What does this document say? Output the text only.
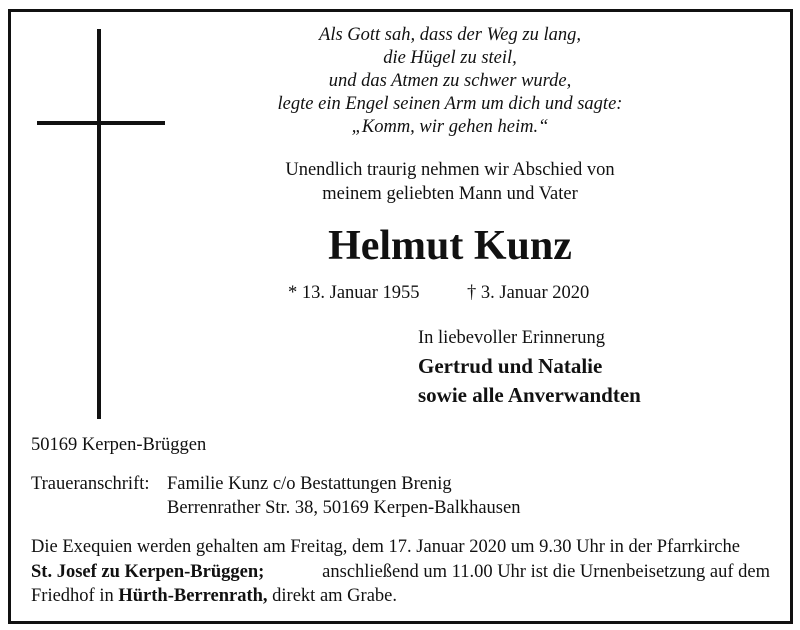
Als Gott sah, dass der Weg zu lang,
die Hügel zu steil,
und das Atmen zu schwer wurde,
legte ein Engel seinen Arm um dich und sagte:
„Komm, wir gehen heim.“
Unendlich traurig nehmen wir Abschied von
meinem geliebten Mann und Vater
Helmut Kunz
* 13. Januar 1955	† 3. Januar 2020
In liebevoller Erinnerung
Gertrud und Natalie
sowie alle Anverwandten
50169 Kerpen-Brüggen
Traueranschrift: Familie Kunz c/o Bestattungen Brenig
Berrenrather Str. 38, 50169 Kerpen-Balkhausen
Die Exequien werden gehalten am Freitag, dem 17. Januar 2020 um 9.30 Uhr in der Pfarrkirche
St. Josef zu Kerpen-Brüggen;	anschließend um 11.00 Uhr ist die Urnenbeisetzung auf dem
Friedhof in Hürth-Berrenrath, direkt am Grabe.
